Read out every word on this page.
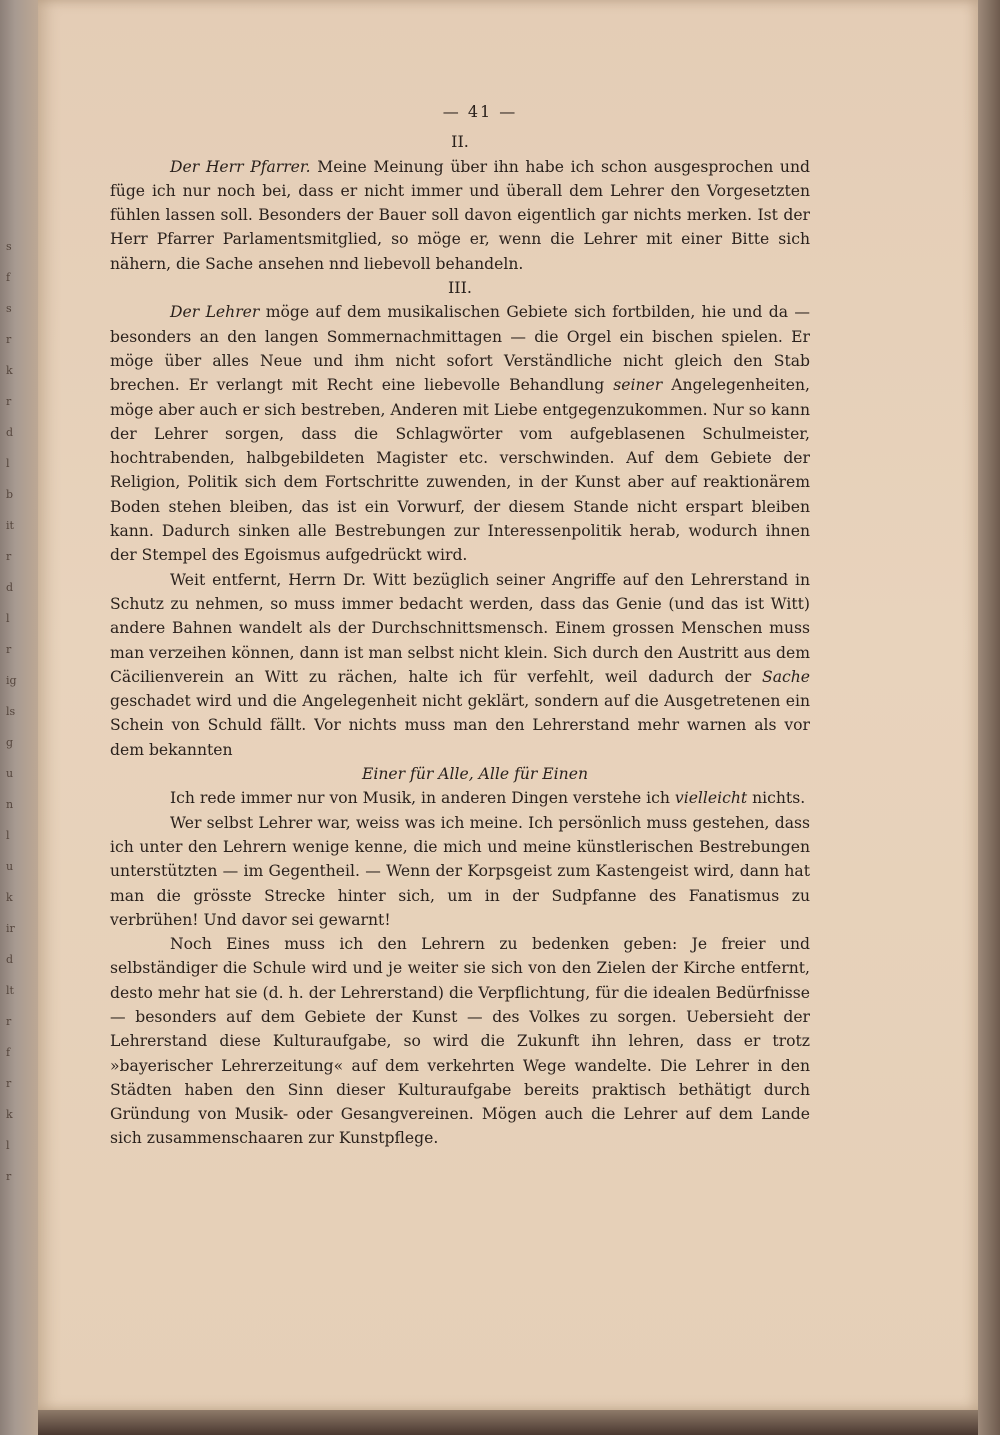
s
f
s
r
k
r
d
l
b
it
r
d
l
r
ig
ls
g
u
n
l
u
k
ir
d
lt
r
f
r
k
l
r
— 41 —
II.

Der Herr Pfarrer. Meine Meinung über ihn habe ich schon ausgesprochen und füge ich nur noch bei, dass er nicht immer und überall dem Lehrer den Vorgesetzten fühlen lassen soll. Besonders der Bauer soll davon eigentlich gar nichts merken. Ist der Herr Pfarrer Parlamentsmitglied, so möge er, wenn die Lehrer mit einer Bitte sich nähern, die Sache ansehen nnd liebevoll behandeln.

III.

Der Lehrer möge auf dem musikalischen Gebiete sich fortbilden, hie und da — besonders an den langen Sommernachmittagen — die Orgel ein bischen spielen. Er möge über alles Neue und ihm nicht sofort Verständliche nicht gleich den Stab brechen. Er verlangt mit Recht eine liebevolle Behandlung seiner Angelegenheiten, möge aber auch er sich bestreben, Anderen mit Liebe entgegenzukommen. Nur so kann der Lehrer sorgen, dass die Schlagwörter vom aufgeblasenen Schulmeister, hochtrabenden, halbgebildeten Magister etc. verschwinden. Auf dem Gebiete der Religion, Politik sich dem Fortschritte zuwenden, in der Kunst aber auf reaktionärem Boden stehen bleiben, das ist ein Vorwurf, der diesem Stande nicht erspart bleiben kann. Dadurch sinken alle Bestrebungen zur Interessenpolitik herab, wodurch ihnen der Stempel des Egoismus aufgedrückt wird.

Weit entfernt, Herrn Dr. Witt bezüglich seiner Angriffe auf den Lehrerstand in Schutz zu nehmen, so muss immer bedacht werden, dass das Genie (und das ist Witt) andere Bahnen wandelt als der Durchschnittsmensch. Einem grossen Menschen muss man verzeihen können, dann ist man selbst nicht klein. Sich durch den Austritt aus dem Cäcilienverein an Witt zu rächen, halte ich für verfehlt, weil dadurch der Sache geschadet wird und die Angelegenheit nicht geklärt, sondern auf die Ausgetretenen ein Schein von Schuld fällt. Vor nichts muss man den Lehrerstand mehr warnen als vor dem bekannten

Einer für Alle, Alle für Einen

Ich rede immer nur von Musik, in anderen Dingen verstehe ich vielleicht nichts.

Wer selbst Lehrer war, weiss was ich meine. Ich persönlich muss gestehen, dass ich unter den Lehrern wenige kenne, die mich und meine künstlerischen Bestrebungen unterstützten — im Gegentheil. — Wenn der Korpsgeist zum Kastengeist wird, dann hat man die grösste Strecke hinter sich, um in der Sudpfanne des Fanatismus zu verbrühen! Und davor sei gewarnt!

Noch Eines muss ich den Lehrern zu bedenken geben: Je freier und selbständiger die Schule wird und je weiter sie sich von den Zielen der Kirche entfernt, desto mehr hat sie (d. h. der Lehrerstand) die Verpflichtung, für die idealen Bedürfnisse — besonders auf dem Gebiete der Kunst — des Volkes zu sorgen. Uebersieht der Lehrerstand diese Kulturaufgabe, so wird die Zukunft ihn lehren, dass er trotz »bayerischer Lehrerzeitung« auf dem verkehrten Wege wandelte. Die Lehrer in den Städten haben den Sinn dieser Kulturaufgabe bereits praktisch bethätigt durch Gründung von Musik- oder Gesangvereinen. Mögen auch die Lehrer auf dem Lande sich zusammenschaaren zur Kunstpflege.
